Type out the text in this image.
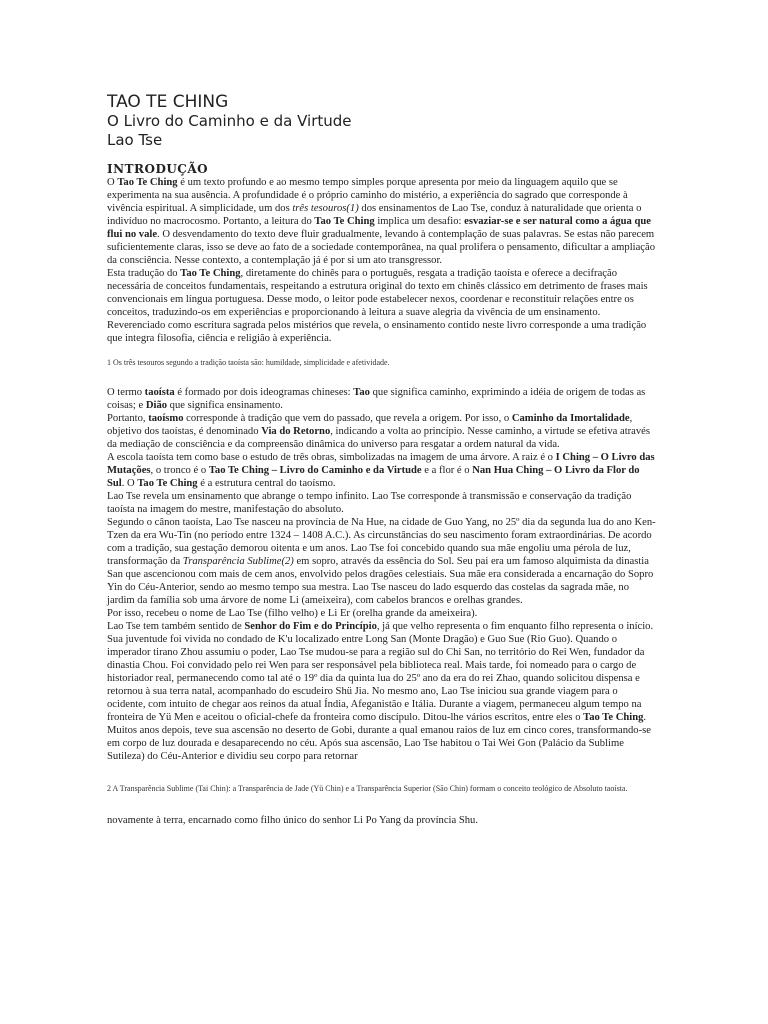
TAO TE CHING
O Livro do Caminho e da Virtude
Lao Tse
INTRODUÇÃO

O Tao Te Ching é um texto profundo e ao mesmo tempo simples porque apresenta por meio da linguagem aquilo que se experimenta na sua ausência. A profundidade é o próprio caminho do mistério, a experiência do sagrado que corresponde à vivência espiritual. A simplicidade, um dos três tesouros(1) dos ensinamentos de Lao Tse, conduz à naturalidade que orienta o indivíduo no macrocosmo. Portanto, a leitura do Tao Te Ching implica um desafio: esvaziar-se e ser natural como a água que flui no vale. O desvendamento do texto deve fluir gradualmente, levando à contemplação de suas palavras. Se estas não parecem suficientemente claras, isso se deve ao fato de a sociedade contemporânea, na qual prolifera o pensamento, dificultar a ampliação da consciência. Nesse contexto, a contemplação já é por si um ato transgressor.

Esta tradução do Tao Te Ching, diretamente do chinês para o português, resgata a tradição taoísta e oferece a decifração necessária de conceitos fundamentais, respeitando a estrutura original do texto em chinês clássico em detrimento de frases mais convencionais em língua portuguesa. Desse modo, o leitor pode estabelecer nexos, coordenar e reconstituir relações entre os conceitos, traduzindo-os em experiências e proporcionando à leitura a suave alegria da vivência de um ensinamento.

Reverenciado como escritura sagrada pelos mistérios que revela, o ensinamento contido neste livro corresponde a uma tradição que integra filosofia, ciência e religião à experiência.

1 Os três tesouros segundo a tradição taoísta são: humildade, simplicidade e afetividade.

O termo taoísta é formado por dois ideogramas chineses: Tao que significa caminho, exprimindo a idéia de origem de todas as coisas; e Dião que significa ensinamento.

Portanto, taoísmo corresponde à tradição que vem do passado, que revela a origem. Por isso, o Caminho da Imortalidade, objetivo dos taoístas, é denominado Via do Retorno, indicando a volta ao princípio. Nesse caminho, a virtude se efetiva através da mediação de consciência e da compreensão dinâmica do universo para resgatar a ordem natural da vida.

A escola taoísta tem como base o estudo de três obras, simbolizadas na imagem de uma árvore. A raiz é o I Ching – O Livro das Mutações, o tronco é o Tao Te Ching – Livro do Caminho e da Virtude e a flor é o Nan Hua Ching – O Livro da Flor do Sul. O Tao Te Ching é a estrutura central do taoísmo.

Lao Tse revela um ensinamento que abrange o tempo infinito. Lao Tse corresponde à transmissão e conservação da tradição taoísta na imagem do mestre, manifestação do absoluto.

Segundo o cânon taoísta, Lao Tse nasceu na província de Na Hue, na cidade de Guo Yang, no 25º dia da segunda lua do ano Ken-Tzen da era Wu-Tin (no período entre 1324 – 1408 A.C.). As circunstâncias do seu nascimento foram extraordinárias. De acordo com a tradição, sua gestação demorou oitenta e um anos. Lao Tse foi concebido quando sua mãe engoliu uma pérola de luz, transformação da Transparência Sublime(2) em sopro, através da essência do Sol. Seu pai era um famoso alquimista da dinastia San que ascencionou com mais de cem anos, envolvido pelos dragões celestiais. Sua mãe era considerada a encarnação do Sopro Yin do Céu-Anterior, sendo ao mesmo tempo sua mestra. Lao Tse nasceu do lado esquerdo das costelas da sagrada mãe, no jardim da família sob uma árvore de nome Li (ameixeira), com cabelos brancos e orelhas grandes.

Por isso, recebeu o nome de Lao Tse (filho velho) e Li Er (orelha grande da ameixeira).

Lao Tse tem também sentido de Senhor do Fim e do Princípio, já que velho representa o fim enquanto filho representa o início.

Sua juventude foi vivida no condado de K'u localizado entre Long San (Monte Dragão) e Guo Sue (Rio Guo). Quando o imperador tirano Zhou assumiu o poder, Lao Tse mudou-se para a região sul do Chi San, no território do Rei Wen, fundador da dinastia Chou. Foi convidado pelo rei Wen para ser responsável pela biblioteca real. Mais tarde, foi nomeado para o cargo de historiador real, permanecendo como tal até o 19º dia da quinta lua do 25º ano da era do rei Zhao, quando solicitou dispensa e retornou à sua terra natal, acompanhado do escudeiro Shü Jia. No mesmo ano, Lao Tse iniciou sua grande viagem para o ocidente, com intuito de chegar aos reinos da atual Índia, Afeganistão e Itália. Durante a viagem, permaneceu algum tempo na fronteira de Yü Men e aceitou o oficial-chefe da fronteira como discípulo. Ditou-lhe vários escritos, entre eles o Tao Te Ching. Muitos anos depois, teve sua ascensão no deserto de Gobi, durante a qual emanou raios de luz em cinco cores, transformando-se em corpo de luz dourada e desaparecendo no céu. Após sua ascensão, Lao Tse habitou o Tai Wei Gon (Palácio da Sublime Sutileza) do Céu-Anterior e dividiu seu corpo para retornar

2 A Transparência Sublime (Tai Chin): a Transparência de Jade (Yü Chin) e a Transparência Superior (São Chin) formam o conceito teológico de Absoluto taoísta.

novamente à terra, encarnado como filho único do senhor Li Po Yang da província Shu.
